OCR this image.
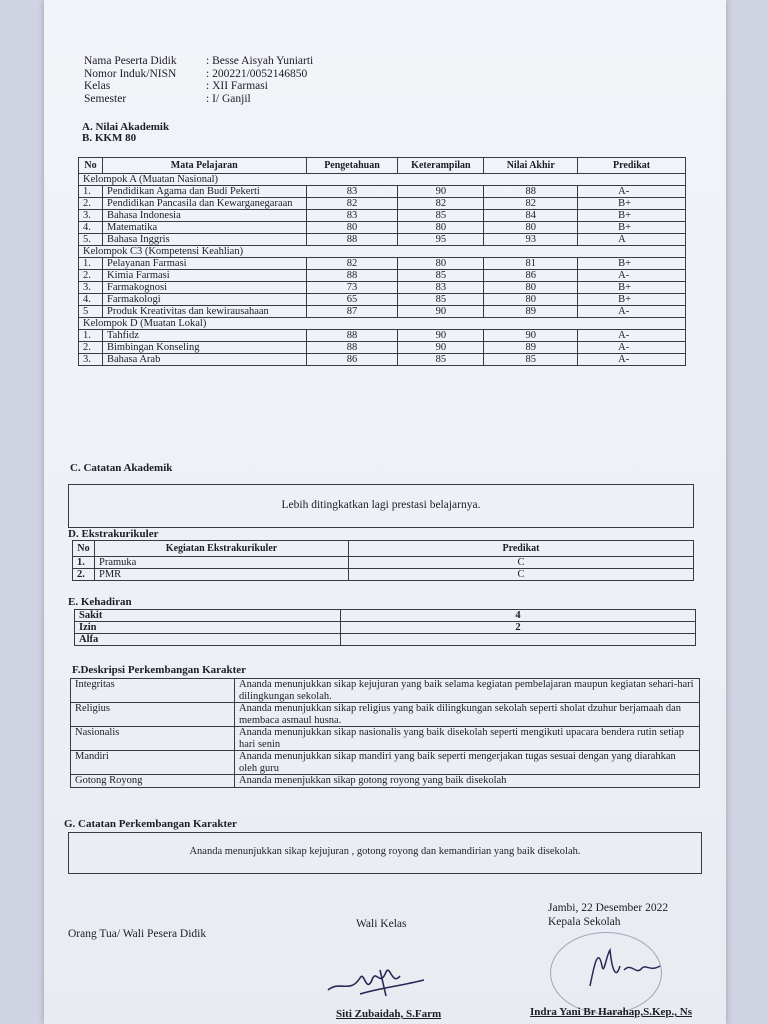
Nama Peserta Didik	: Besse Aisyah Yuniarti
Nomor Induk/NISN	: 200221/0052146850
Kelas	: XII Farmasi
Semester	: I/ Ganjil
A. Nilai Akademik
B. KKM 80
No	Mata Pelajaran	Pengetahuan	Keterampilan	Nilai Akhir	Predikat
Kelompok A (Muatan Nasional)					
1.	Pendidikan Agama dan Budi Pekerti	83	90	88	A-
2.	Pendidikan Pancasila dan Kewarganegaraan	82	82	82	B+
3.	Bahasa Indonesia	83	85	84	B+
4.	Matematika	80	80	80	B+
5.	Bahasa Inggris	88	95	93	A
Kelompok C3 (Kompetensi Keahlian)					
1.	Pelayanan Farmasi	82	80	81	B+
2.	Kimia Farmasi	88	85	86	A-
3.	Farmakognosi	73	83	80	B+
4.	Farmakologi	65	85	80	B+
5	Produk Kreativitas dan kewirausahaan	87	90	89	A-
Kelompok D (Muatan Lokal)					
1.	Tahfidz	88	90	90	A-
2.	Bimbingan Konseling	88	90	89	A-
3.	Bahasa Arab	86	85	85	A-
C. Catatan Akademik
Lebih ditingkatkan lagi prestasi belajarnya.
D. Ekstrakurikuler
No	Kegiatan Ekstrakurikuler	Predikat
1.	Pramuka	C
2.	PMR	C
E. Kehadiran
Sakit	4
Izin	2
Alfa	
F.Deskripsi Perkembangan Karakter
Integritas	Ananda menunjukkan sikap kejujuran yang baik selama kegiatan pembelajaran maupun kegiatan sehari-hari dilingkungan sekolah.
Religius	Ananda menunjukkan sikap religius yang baik dilingkungan sekolah seperti sholat dzuhur berjamaah dan membaca asmaul husna.
Nasionalis	Ananda menunjukkan sikap nasionalis yang baik disekolah seperti mengikuti upacara bendera rutin setiap hari senin
Mandiri	Ananda menunjukkan sikap mandiri yang baik seperti mengerjakan tugas sesuai dengan yang diarahkan oleh guru
Gotong Royong	Ananda menenjukkan sikap gotong royong yang baik disekolah
G. Catatan Perkembangan Karakter
Ananda menunjukkan sikap kejujuran , gotong royong dan kemandirian yang baik disekolah.
Orang Tua/ Wali Pesera Didik
Wali Kelas
Jambi, 22 Desember 2022
Kepala Sekolah
Siti Zubaidah, S.Farm	Indra Yani Br Harahap,S.Kep., Ns
